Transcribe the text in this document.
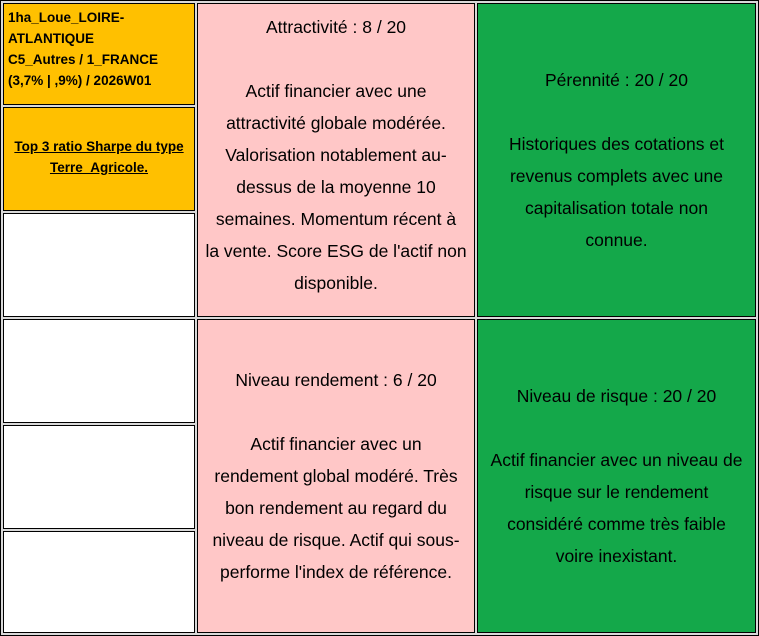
1ha_Loue_LOIRE-
ATLANTIQUE
C5_Autres / 1_FRANCE
(3,7% | ,9%) / 2026W01
Top 3 ratio Sharpe du type
Terre_Agricole.
Attractivité : 8 / 20
Actif financier avec une
attractivité globale modérée.
Valorisation notablement au-
dessus de la moyenne 10
semaines. Momentum récent à
la vente. Score ESG de l'actif non
disponible.
Pérennité : 20 / 20
Historiques des cotations et
revenus complets avec une
capitalisation totale non
connue.
Niveau rendement : 6 / 20
Actif financier avec un
rendement global modéré. Très
bon rendement au regard du
niveau de risque. Actif qui sous-
performe l'index de référence.
Niveau de risque : 20 / 20
Actif financier avec un niveau de
risque sur le rendement
considéré comme très faible
voire inexistant.
